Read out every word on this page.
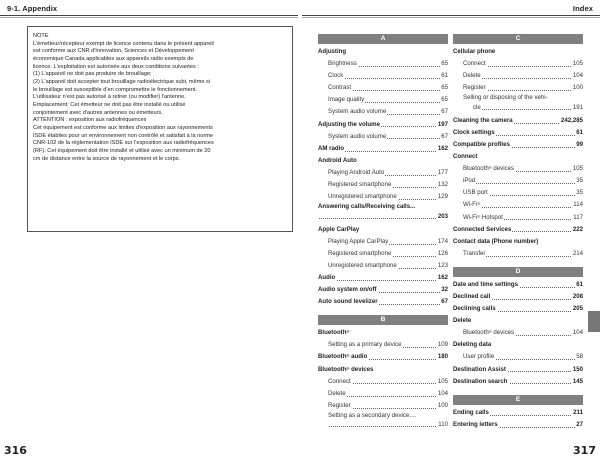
9-1. Appendix	Index
NOTE
L'émetteur/récepteur exempt de licence contenu dans le présent appareil
est conforme aux CNR d'Innovation, Sciences et Développement
économique Canada applicables aux appareils radio exempts de
licence. L'exploitation est autorisée aux deux conditions suivantes :
(1) L'appareil ne doit pas produire de brouillage;
(2) L'appareil doit accepter tout brouillage radioélectrique subi, même si
le brouillage est susceptible d'en compromettre le fonctionnement.
L'utilisateur n'est pas autorisé à retirer (ou modifier) l'antenne.
Emplacement: Cet émetteur ne doit pas être installé ou utilisé
conjointement avec d'autres antennes ou émetteurs.
ATTENTION : exposition aux radiofréquences
Cet équipement est conforme aux limites d'exposition aux rayonnements
ISDE établies pour un environnement non contrôlé et satisfait à la norme
CNR-102 de la réglementation ISDE sur l'exposition aux radiofréquences
(RF). Cet équipement doit être installé et utilisé avec un minimum de 20
cm de distance entre la source de rayonnement et le corps.
A
Adjusting
Brightness	65
Clock	61
Contrast	65
Image quality	65
System audio volume	67
Adjusting the volume	197
System audio volume	67
AM radio	162
Android Auto
Playing Android Auto	177
Registered smartphone	132
Unregistered smartphone	129
Answering calls/Receiving calls...
203
Apple CarPlay
Playing Apple CarPlay	174
Registered smartphone	126
Unregistered smartphone	123
Audio	162
Audio system on/off	32
Auto sound levelizer	67
B
Bluetooth®
Setting as a primary device	109
Bluetooth® audio	180
Bluetooth® devices
Connect	105
Delete	104
Register	100
Setting as a secondary device....
110
C
Cellular phone
Connect	105
Delete	104
Register	100
Selling or disposing of the vehi-
cle	191
Cleaning the camera	242,285
Clock settings	61
Compatible profiles	99
Connect
Bluetooth® devices	105
iPod	35
USB port	35
Wi-Fi®	114
Wi-Fi® Hotspot	117
Connected Services	222
Contact data (Phone number)
Transfer	214
D
Date and time settings	61
Declined call	208
Declining calls	205
Delete
Bluetooth® devices	104
Deleting data
User profile	58
Destination Assist	150
Destination search	145
E
Ending calls	211
Entering letters	27
316	317
